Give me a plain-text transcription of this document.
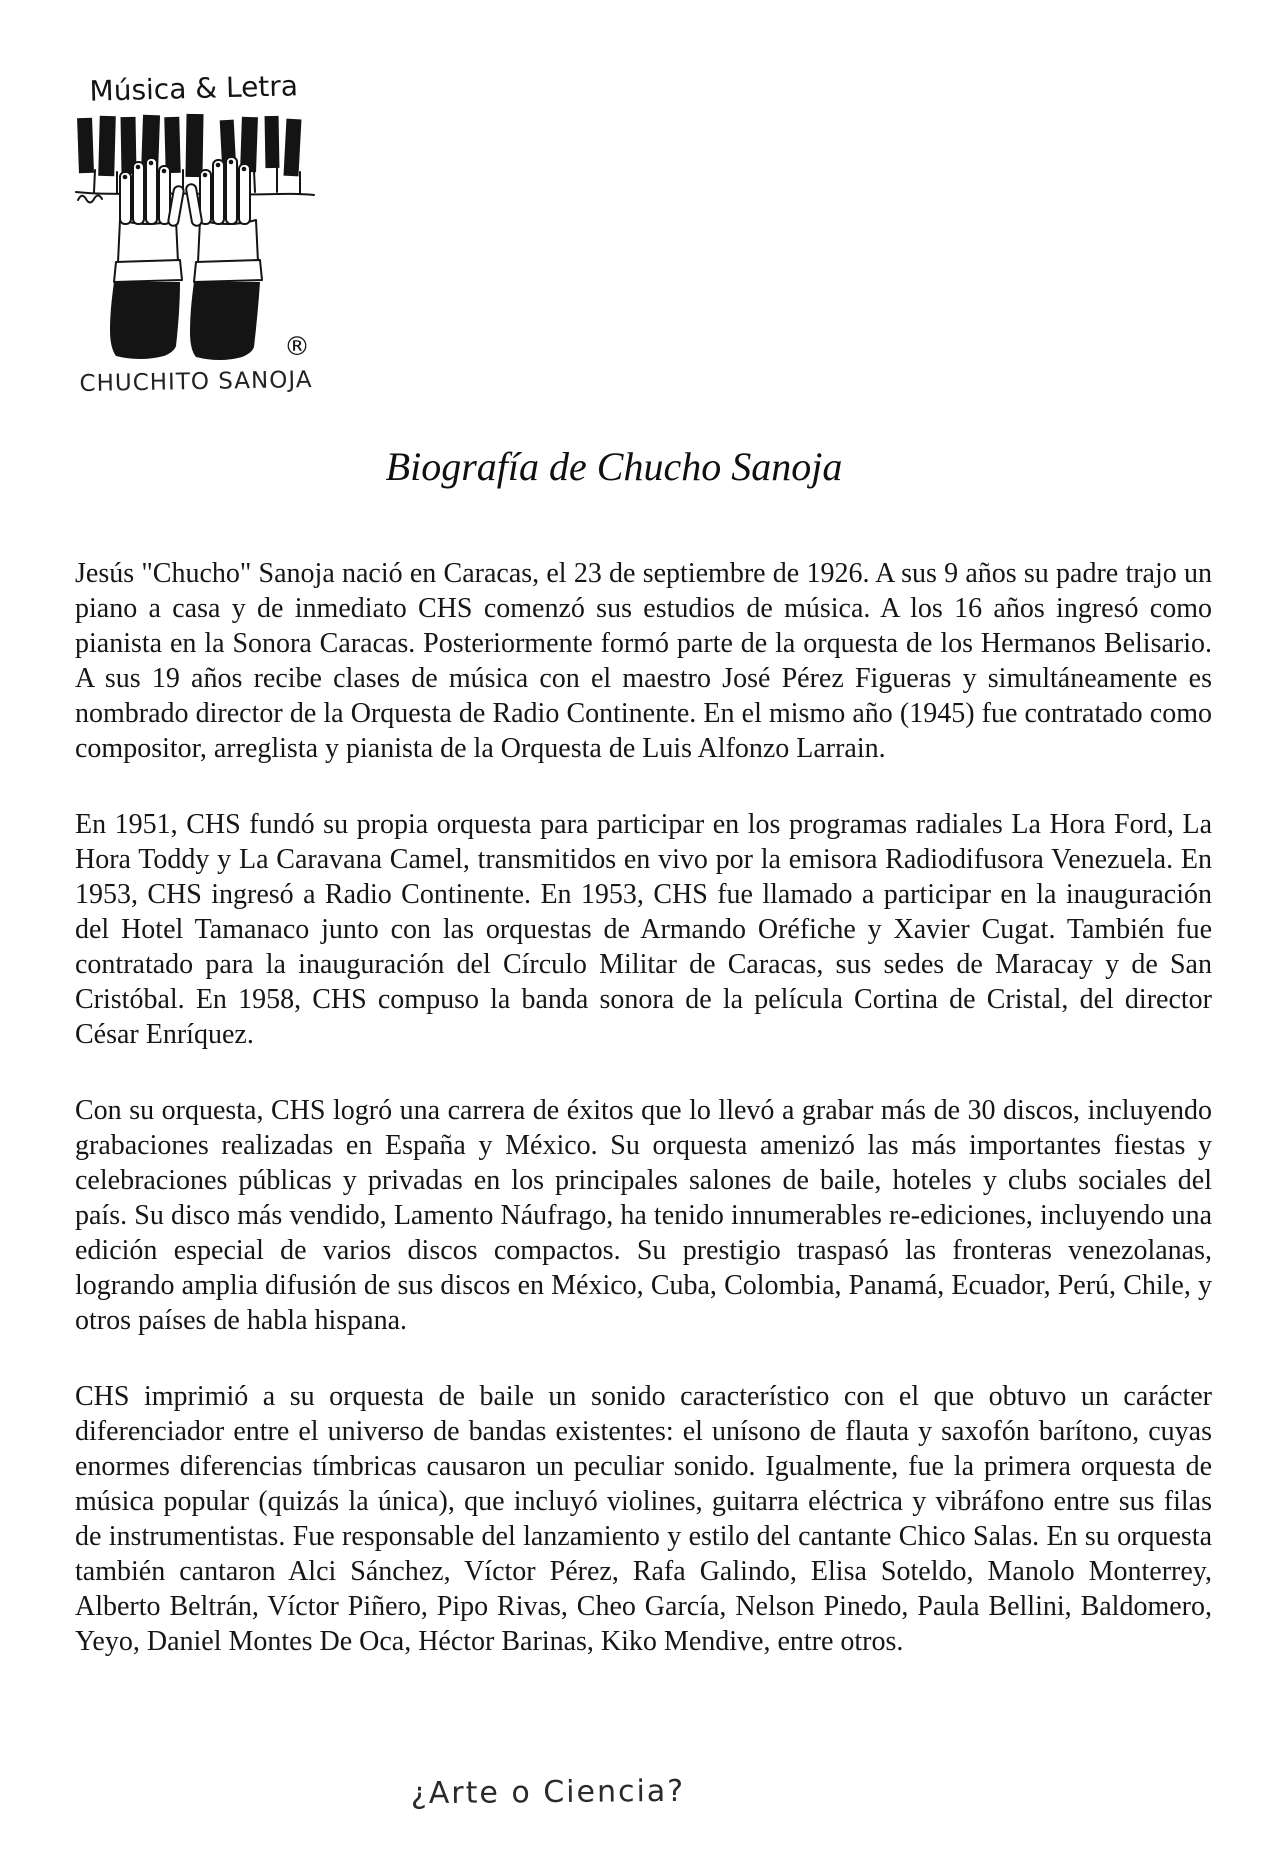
Música & Letra
®
CHUCHITO SANOJA
Biografía de Chucho Sanoja

Jesús "Chucho" Sanoja nació en Caracas, el 23 de septiembre de 1926. A sus 9 años su padre trajo un piano a casa y de inmediato CHS comenzó sus estudios de música. A los 16 años ingresó como pianista en la Sonora Caracas. Posteriormente formó parte de la orquesta de los Hermanos Belisario. A sus 19 años recibe clases de música con el maestro José Pérez Figueras y simultáneamente es nombrado director de la Orquesta de Radio Continente. En el mismo año (1945) fue contratado como compositor, arreglista y pianista de la Orquesta de Luis Alfonzo Larrain.

En 1951, CHS fundó su propia orquesta para participar en los programas radiales La Hora Ford, La Hora Toddy y La Caravana Camel, transmitidos en vivo por la emisora Radiodifusora Venezuela. En 1953, CHS ingresó a Radio Continente. En 1953, CHS fue llamado a participar en la inauguración del Hotel Tamanaco junto con las orquestas de Armando Oréfiche y Xavier Cugat. También fue contratado para la inauguración del Círculo Militar de Caracas, sus sedes de Maracay y de San Cristóbal. En 1958, CHS compuso la banda sonora de la película Cortina de Cristal, del director César Enríquez.

Con su orquesta, CHS logró una carrera de éxitos que lo llevó a grabar más de 30 discos, incluyendo grabaciones realizadas en España y México. Su orquesta amenizó las más importantes fiestas y celebraciones públicas y privadas en los principales salones de baile, hoteles y clubs sociales del país. Su disco más vendido, Lamento Náufrago, ha tenido innumerables re-ediciones, incluyendo una edición especial de varios discos compactos. Su prestigio traspasó las fronteras venezolanas, logrando amplia difusión de sus discos en México, Cuba, Colombia, Panamá, Ecuador, Perú, Chile, y otros países de habla hispana.

CHS imprimió a su orquesta de baile un sonido característico con el que obtuvo un carácter diferenciador entre el universo de bandas existentes: el unísono de flauta y saxofón barítono, cuyas enormes diferencias tímbricas causaron un peculiar sonido. Igualmente, fue la primera orquesta de música popular (quizás la única), que incluyó violines, guitarra eléctrica y vibráfono entre sus filas de instrumentistas. Fue responsable del lanzamiento y estilo del cantante Chico Salas. En su orquesta también cantaron Alci Sánchez, Víctor Pérez, Rafa Galindo, Elisa Soteldo, Manolo Monterrey, Alberto Beltrán, Víctor Piñero, Pipo Rivas, Cheo García, Nelson Pinedo, Paula Bellini, Baldomero, Yeyo, Daniel Montes De Oca, Héctor Barinas, Kiko Mendive, entre otros.

¿Arte o Ciencia?
